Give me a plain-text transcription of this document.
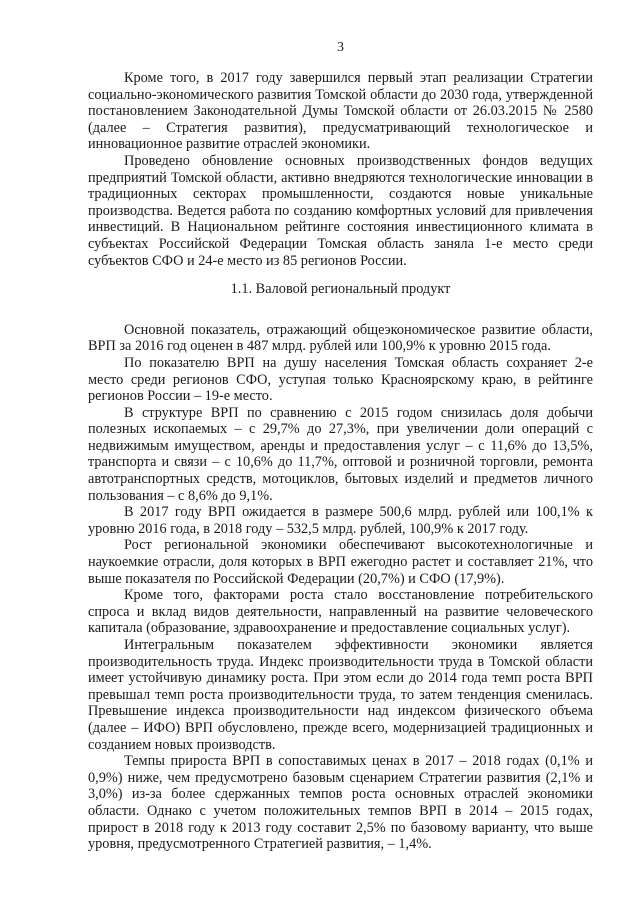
3

Кроме того, в 2017 году завершился первый этап реализации Стратегии социально-экономического развития Томской области до 2030 года, утвержденной постановлением Законодательной Думы Томской области от 26.03.2015 № 2580 (далее – Стратегия развития), предусматривающий технологическое и инновационное развитие отраслей экономики.

Проведено обновление основных производственных фондов ведущих предприятий Томской области, активно внедряются технологические инновации в традиционных секторах промышленности, создаются новые уникальные производства. Ведется работа по созданию комфортных условий для привлечения инвестиций. В Национальном рейтинге состояния инвестиционного климата в субъектах Российской Федерации Томская область заняла 1-е место среди субъектов СФО и 24-е место из 85 регионов России.

1.1. Валовой региональный продукт

Основной показатель, отражающий общеэкономическое развитие области, ВРП за 2016 год оценен в 487 млрд. рублей или 100,9% к уровню 2015 года.

По показателю ВРП на душу населения Томская область сохраняет 2-е место среди регионов СФО, уступая только Красноярскому краю, в рейтинге регионов России – 19-е место.

В структуре ВРП по сравнению с 2015 годом снизилась доля добычи полезных ископаемых – с 29,7% до 27,3%, при увеличении доли операций с недвижимым имуществом, аренды и предоставления услуг – с 11,6% до 13,5%, транспорта и связи – с 10,6% до 11,7%, оптовой и розничной торговли, ремонта автотранспортных средств, мотоциклов, бытовых изделий и предметов личного пользования – с 8,6% до 9,1%.

В 2017 году ВРП ожидается в размере 500,6 млрд. рублей или 100,1% к уровню 2016 года, в 2018 году – 532,5 млрд. рублей, 100,9% к 2017 году.

Рост региональной экономики обеспечивают высокотехнологичные и наукоемкие отрасли, доля которых в ВРП ежегодно растет и составляет 21%, что выше показателя по Российской Федерации (20,7%) и СФО (17,9%).

Кроме того, факторами роста стало восстановление потребительского спроса и вклад видов деятельности, направленный на развитие человеческого капитала (образование, здравоохранение и предоставление социальных услуг).

Интегральным показателем эффективности экономики является производительность труда. Индекс производительности труда в Томской области имеет устойчивую динамику роста. При этом если до 2014 года темп роста ВРП превышал темп роста производительности труда, то затем тенденция сменилась. Превышение индекса производительности над индексом физического объема (далее – ИФО) ВРП обусловлено, прежде всего, модернизацией традиционных и созданием новых производств.

Темпы прироста ВРП в сопоставимых ценах в 2017 – 2018 годах (0,1% и 0,9%) ниже, чем предусмотрено базовым сценарием Стратегии развития (2,1% и 3,0%) из-за более сдержанных темпов роста основных отраслей экономики области. Однако с учетом положительных темпов ВРП в 2014 – 2015 годах, прирост в 2018 году к 2013 году составит 2,5% по базовому варианту, что выше уровня, предусмотренного Стратегией развития, – 1,4%.
